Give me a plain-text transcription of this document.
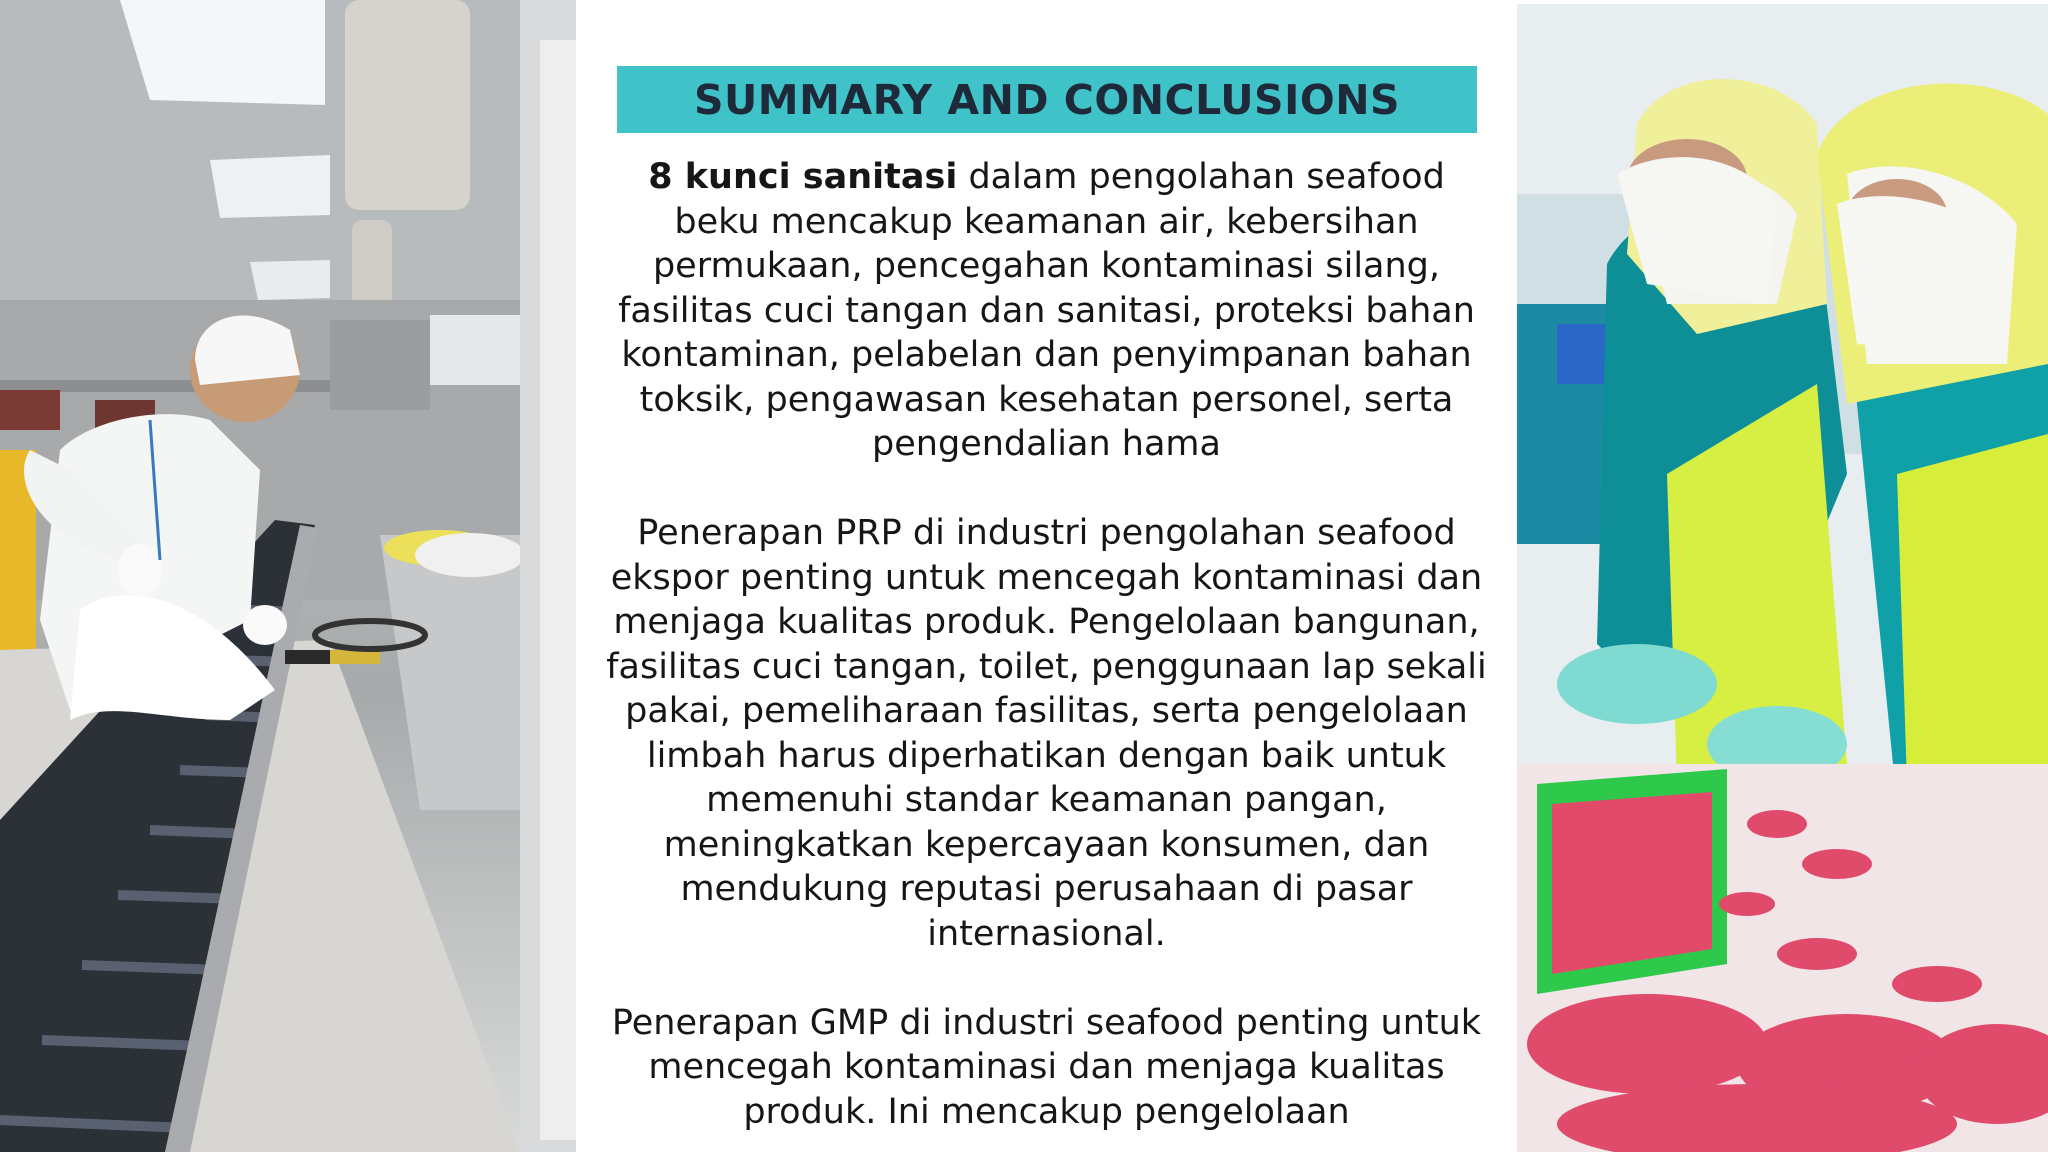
SUMMARY AND CONCLUSIONS

8 kunci sanitasi dalam pengolahan seafood beku mencakup keamanan air, kebersihan permukaan, pencegahan kontaminasi silang, fasilitas cuci tangan dan sanitasi, proteksi bahan kontaminan, pelabelan dan penyimpanan bahan toksik, pengawasan kesehatan personel, serta pengendalian hama

Penerapan PRP di industri pengolahan seafood ekspor penting untuk mencegah kontaminasi dan menjaga kualitas produk. Pengelolaan bangunan, fasilitas cuci tangan, toilet, penggunaan lap sekali pakai, pemeliharaan fasilitas, serta pengelolaan limbah harus diperhatikan dengan baik untuk memenuhi standar keamanan pangan, meningkatkan kepercayaan konsumen, dan mendukung reputasi perusahaan di pasar internasional.

Penerapan GMP di industri seafood penting untuk mencegah kontaminasi dan menjaga kualitas produk. Ini mencakup pengelolaan
